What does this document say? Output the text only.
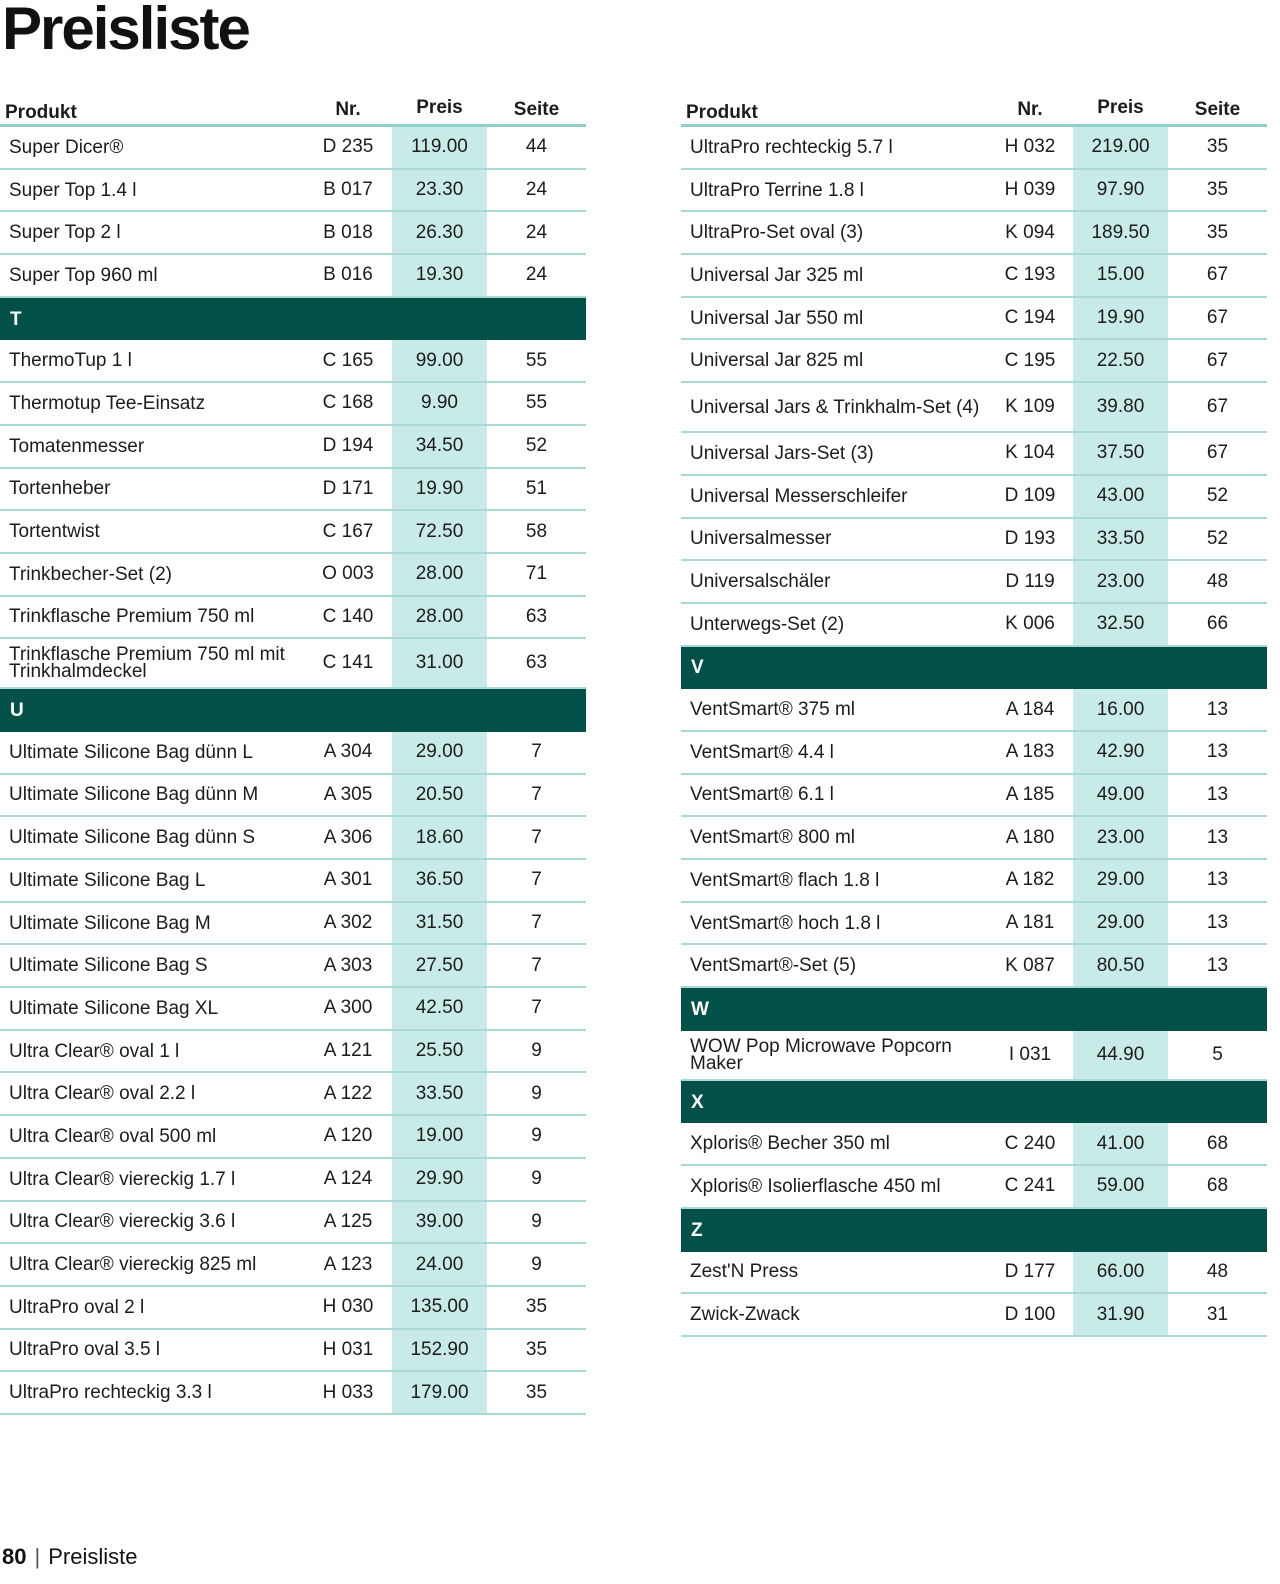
Preisliste
Produkt	Nr.	Preis	Seite
Super Dicer®	D 235	119.00	44
Super Top 1.4 l	B 017	23.30	24
Super Top 2 l	B 018	26.30	24
Super Top 960 ml	B 016	19.30	24
T
ThermoTup 1 l	C 165	99.00	55
Thermotup Tee-Einsatz	C 168	9.90	55
Tomatenmesser	D 194	34.50	52
Tortenheber	D 171	19.90	51
Tortentwist	C 167	72.50	58
Trinkbecher-Set (2)	O 003	28.00	71
Trinkflasche Premium 750 ml	C 140	28.00	63
Trinkflasche Premium 750 ml mit Trinkhalmdeckel	C 141	31.00	63
U
Ultimate Silicone Bag dünn L	A 304	29.00	7
Ultimate Silicone Bag dünn M	A 305	20.50	7
Ultimate Silicone Bag dünn S	A 306	18.60	7
Ultimate Silicone Bag L	A 301	36.50	7
Ultimate Silicone Bag M	A 302	31.50	7
Ultimate Silicone Bag S	A 303	27.50	7
Ultimate Silicone Bag XL	A 300	42.50	7
Ultra Clear® oval 1 l	A 121	25.50	9
Ultra Clear® oval 2.2 l	A 122	33.50	9
Ultra Clear® oval 500 ml	A 120	19.00	9
Ultra Clear® viereckig 1.7 l	A 124	29.90	9
Ultra Clear® viereckig 3.6 l	A 125	39.00	9
Ultra Clear® viereckig 825 ml	A 123	24.00	9
UltraPro oval 2 l	H 030	135.00	35
UltraPro oval 3.5 l	H 031	152.90	35
UltraPro rechteckig 3.3 l	H 033	179.00	35
Produkt	Nr.	Preis	Seite
UltraPro rechteckig 5.7 l	H 032	219.00	35
UltraPro Terrine 1.8 l	H 039	97.90	35
UltraPro-Set oval (3)	K 094	189.50	35
Universal Jar 325 ml	C 193	15.00	67
Universal Jar 550 ml	C 194	19.90	67
Universal Jar 825 ml	C 195	22.50	67
Universal Jars & Trinkhalm-Set (4)	K 109	39.80	67
Universal Jars-Set (3)	K 104	37.50	67
Universal Messerschleifer	D 109	43.00	52
Universalmesser	D 193	33.50	52
Universalschäler	D 119	23.00	48
Unterwegs-Set (2)	K 006	32.50	66
V
VentSmart® 375 ml	A 184	16.00	13
VentSmart® 4.4 l	A 183	42.90	13
VentSmart® 6.1 l	A 185	49.00	13
VentSmart® 800 ml	A 180	23.00	13
VentSmart® flach 1.8 l	A 182	29.00	13
VentSmart® hoch 1.8 l	A 181	29.00	13
VentSmart®-Set (5)	K 087	80.50	13
W
WOW Pop Microwave Popcorn Maker	I 031	44.90	5
X
Xploris® Becher 350 ml	C 240	41.00	68
Xploris® Isolierflasche 450 ml	C 241	59.00	68
Z
Zest'N Press	D 177	66.00	48
Zwick-Zwack	D 100	31.90	31
80 | Preisliste
